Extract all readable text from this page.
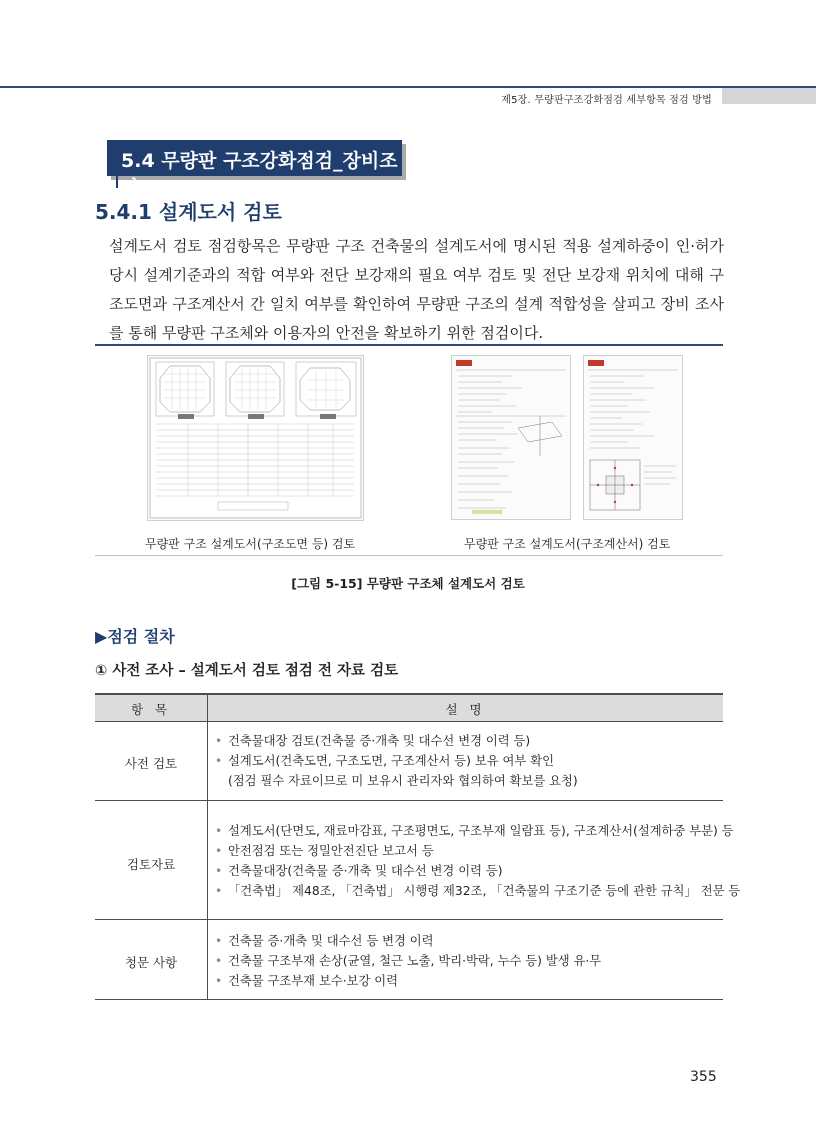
제5장. 무량판구조강화점검 세부항목 점검 방법
5.4 무량판 구조강화점검_장비조사
5.4.1 설계도서 검토

설계도서 검토 점검항목은 무량판 구조 건축물의 설계도서에 명시된 적용 설계하중이 인·허가 당시 설계기준과의 적합 여부와 전단 보강재의 필요 여부 검토 및 전단 보강재 위치에 대해 구조도면과 구조계산서 간 일치 여부를 확인하여 무량판 구조의 설계 적합성을 살피고 장비 조사를 통해 무량판 구조체와 이용자의 안전을 확보하기 위한 점검이다.

무량판 구조 설계도서(구조도면 등) 검토	무량판 구조 설계도서(구조계산서) 검토
[그림 5-15] 무량판 구조체 설계도서 검토
▶점검 절차
① 사전 조사 – 설계도서 검토 점검 전 자료 검토
항 목	설 명
사전 검토
• 건축물대장 검토(건축물 증·개축 및 대수선 변경 이력 등)
• 설계도서(건축도면, 구조도면, 구조계산서 등) 보유 여부 확인
(점검 필수 자료이므로 미 보유시 관리자와 협의하여 확보를 요청)
검토자료
• 설계도서(단면도, 재료마감표, 구조평면도, 구조부재 일람표 등), 구조계산서(설계하중 부분) 등
• 안전점검 또는 정밀안전진단 보고서 등
• 건축물대장(건축물 증·개축 및 대수선 변경 이력 등)
• 「건축법」 제48조, 「건축법」 시행령 제32조, 「건축물의 구조기준 등에 관한 규칙」 전문 등
청문 사항
• 건축물 증·개축 및 대수선 등 변경 이력
• 건축물 구조부재 손상(균열, 철근 노출, 박리·박락, 누수 등) 발생 유·무
• 건축물 구조부재 보수·보강 이력
355
